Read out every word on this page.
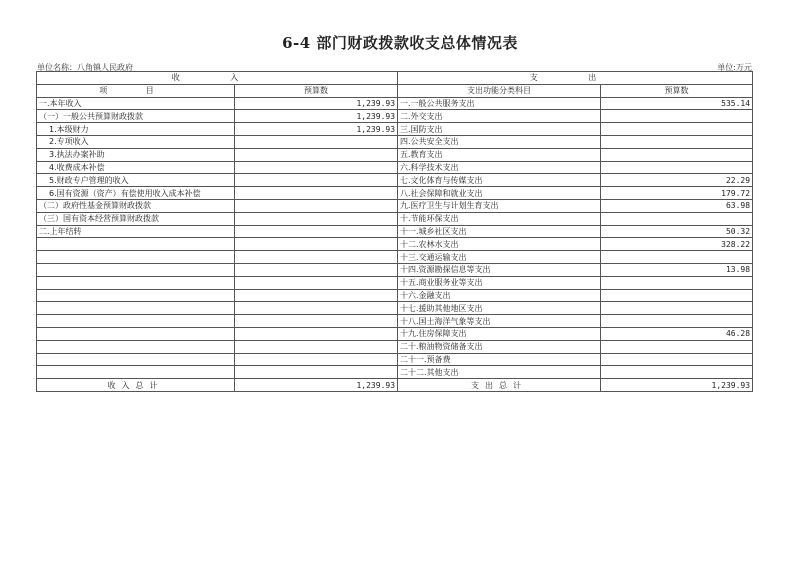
6-4 部门财政拨款收支总体情况表
单位名称：八角镇人民政府	单位:万元
收 入		支 出	
项 目	预算数	支出功能分类科目	预算数
一.本年收入	1,239.93	一.一般公共服务支出	535.14
（一）一般公共预算财政拨款	1,239.93	二.外交支出	
1.本级财力	1,239.93	三.国防支出	
2.专项收入		四.公共安全支出	
3.执法办案补助		五.教育支出	
4.收费成本补偿		六.科学技术支出	
5.财政专户管理的收入		七.文化体育与传媒支出	22.29
6.国有资源（资产）有偿使用收入成本补偿		八.社会保障和就业支出	179.72
（二）政府性基金预算财政拨款		九.医疗卫生与计划生育支出	63.98
（三）国有资本经营预算财政拨款		十.节能环保支出	
二.上年结转		十一.城乡社区支出	50.32
		十二.农林水支出	328.22
		十三.交通运输支出	
		十四.资源勘探信息等支出	13.98
		十五.商业服务业等支出	
		十六.金融支出	
		十七.援助其他地区支出	
		十八.国土海洋气象等支出	
		十九.住房保障支出	46.28
		二十.粮油物资储备支出	
		二十一.预备费	
		二十二.其他支出	
收入总计	1,239.93	支出总计	1,239.93
